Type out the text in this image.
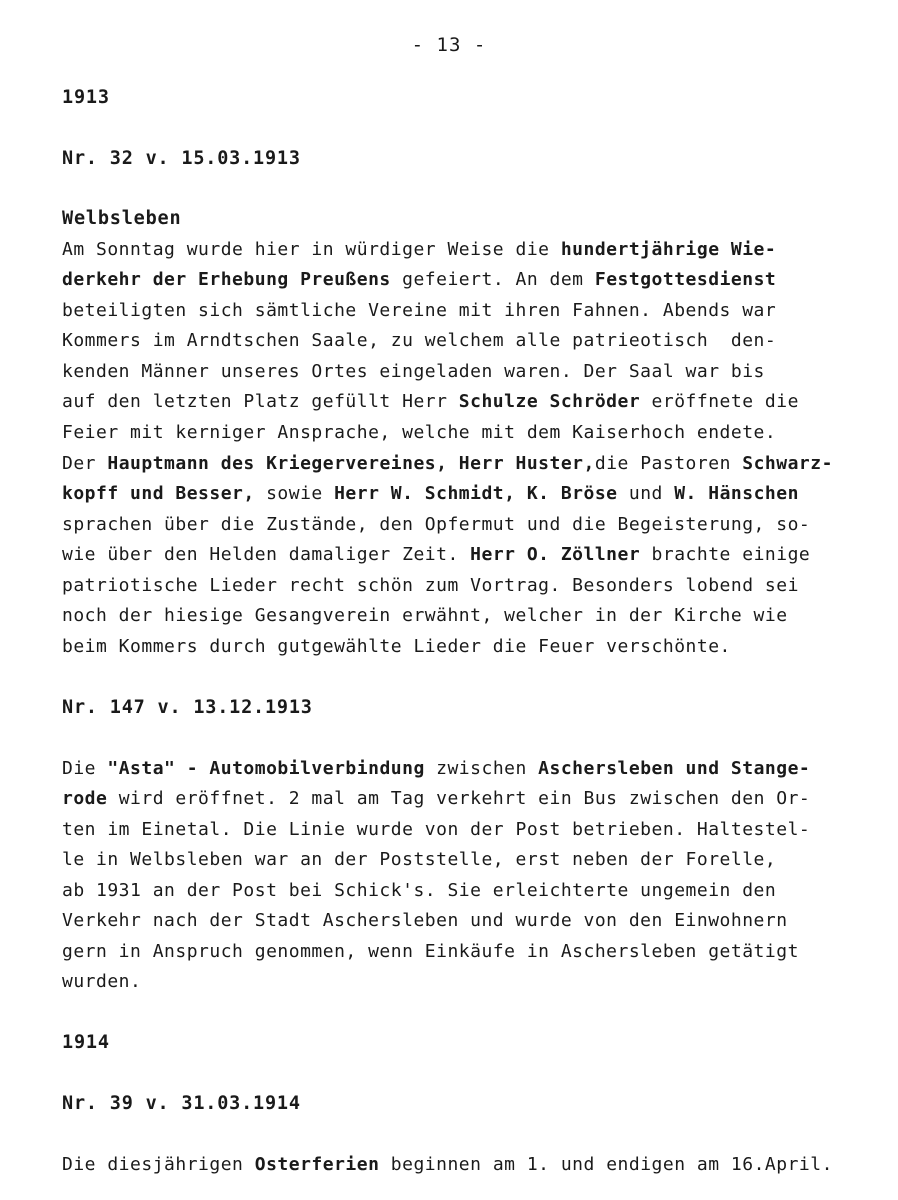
- 13 -
1913
Nr. 32 v. 15.03.1913
Welbsleben
Am Sonntag wurde hier in würdiger Weise die hundertjährige Wie-
derkehr der Erhebung Preußens gefeiert. An dem Festgottesdienst
beteiligten sich sämtliche Vereine mit ihren Fahnen. Abends war
Kommers im Arndtschen Saale, zu welchem alle patrieotisch  den-
kenden Männer unseres Ortes eingeladen waren. Der Saal war bis
auf den letzten Platz gefüllt Herr Schulze Schröder eröffnete die
Feier mit kerniger Ansprache, welche mit dem Kaiserhoch endete.
Der Hauptmann des Kriegervereines, Herr Huster,die Pastoren Schwarz-
kopff und Besser, sowie Herr W. Schmidt, K. Bröse und W. Hänschen
sprachen über die Zustände, den Opfermut und die Begeisterung, so-
wie über den Helden damaliger Zeit. Herr O. Zöllner brachte einige
patriotische Lieder recht schön zum Vortrag. Besonders lobend sei
noch der hiesige Gesangverein erwähnt, welcher in der Kirche wie
beim Kommers durch gutgewählte Lieder die Feuer verschönte.
Nr. 147 v. 13.12.1913
Die "Asta" - Automobilverbindung zwischen Aschersleben und Stange-
rode wird eröffnet. 2 mal am Tag verkehrt ein Bus zwischen den Or-
ten im Einetal. Die Linie wurde von der Post betrieben. Haltestel-
le in Welbsleben war an der Poststelle, erst neben der Forelle,
ab 1931 an der Post bei Schick's. Sie erleichterte ungemein den
Verkehr nach der Stadt Aschersleben und wurde von den Einwohnern
gern in Anspruch genommen, wenn Einkäufe in Aschersleben getätigt
wurden.
1914
Nr. 39 v. 31.03.1914
Die diesjährigen Osterferien beginnen am 1. und endigen am 16.April.
